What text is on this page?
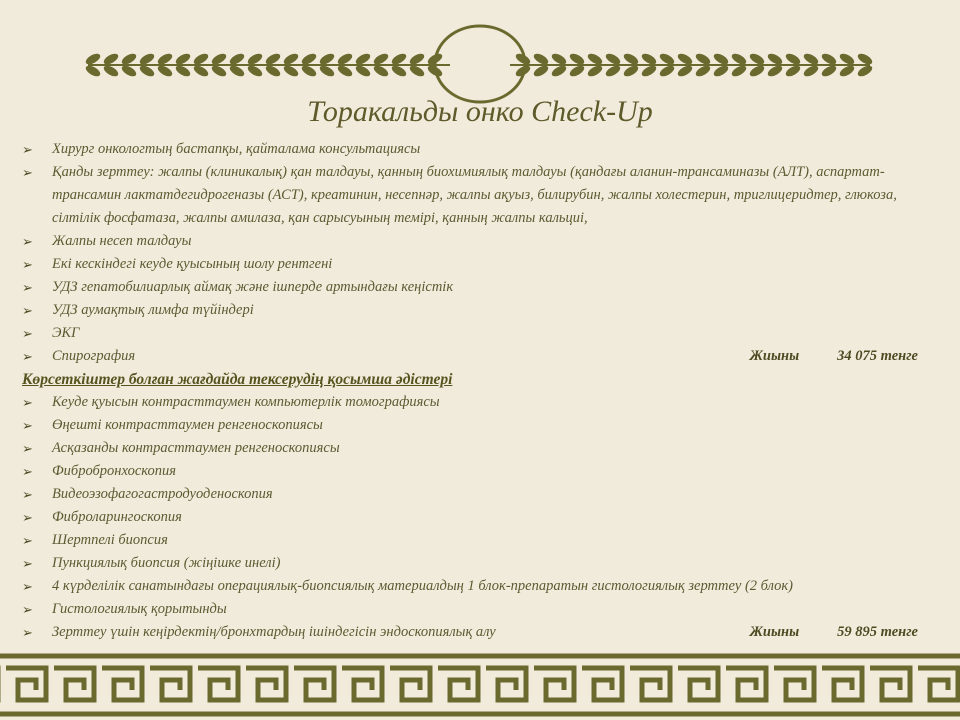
Торакальды онко Сheck-Up
➢	Хирург онкологтың бастапқы, қайталама консультациясы
➢	Қанды зерттеу: жалпы (клиникалық) қан талдауы, қанның биохимиялық талдауы (қандағы аланин-трансаминазы (АЛТ), аспартат-трансамин лактатдегидрогеназы (АСТ), креатинин, несепнәр, жалпы ақуыз, билирубин, жалпы холестерин, триглицеридтер, глюкоза, сілтілік фосфатаза, жалпы амилаза, қан сарысуының темірі, қанның жалпы кальциі,
➢	Жалпы несеп талдауы
➢	Екі кескіндегі кеуде қуысының шолу рентгені
➢	УДЗ гепатобилиарлық аймақ және ішперде артындағы кеңістік
➢	УДЗ аумақтық лимфа түйіндері
➢	ЭКГ
➢	Спирография	Жиыны	34 075 тенге
Көрсеткіштер болған жағдайда тексерудің қосымша әдістері
➢	Кеуде қуысын контрасттаумен компьютерлік томографиясы
➢	Өңешті контрасттаумен ренгеноскопиясы
➢	Асқазанды контрасттаумен ренгеноскопиясы
➢	Фибробронхоскопия
➢	Видеоэзофагогастродуоденоскопия
➢	Фиброларингоскопия
➢	Шертпелі биопсия
➢	Пункциялық биопсия (жіңішке инелі)
➢	4 күрделілік санатындағы операциялық-биопсиялық материалдың 1 блок-препаратын гистологиялық зерттеу (2 блок)
➢	Гистологиялық қорытынды
➢	Зерттеу үшін кеңірдектің/бронхтардың ішіндегісін эндоскопиялық алу	Жиыны	59 895 тенге
